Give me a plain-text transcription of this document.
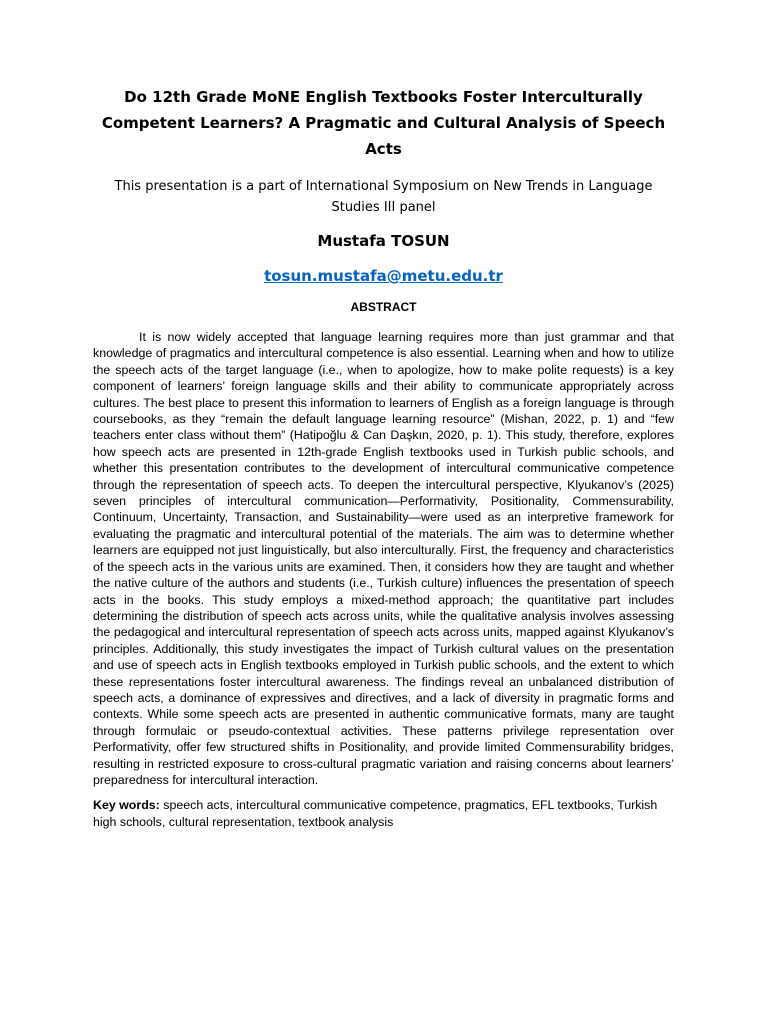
Do 12th Grade MoNE English Textbooks Foster Interculturally Competent Learners? A Pragmatic and Cultural Analysis of Speech Acts

This presentation is a part of International Symposium on New Trends in Language Studies III panel

Mustafa TOSUN

tosun.mustafa@metu.edu.tr

ABSTRACT

It is now widely accepted that language learning requires more than just grammar and that knowledge of pragmatics and intercultural competence is also essential. Learning when and how to utilize the speech acts of the target language (i.e., when to apologize, how to make polite requests) is a key component of learners’ foreign language skills and their ability to communicate appropriately across cultures. The best place to present this information to learners of English as a foreign language is through coursebooks, as they “remain the default language learning resource” (Mishan, 2022, p. 1) and “few teachers enter class without them” (Hatipoğlu & Can Daşkın, 2020, p. 1). This study, therefore, explores how speech acts are presented in 12th-grade English textbooks used in Turkish public schools, and whether this presentation contributes to the development of intercultural communicative competence through the representation of speech acts. To deepen the intercultural perspective, Klyukanov’s (2025) seven principles of intercultural communication—Performativity, Positionality, Commensurability, Continuum, Uncertainty, Transaction, and Sustainability—were used as an interpretive framework for evaluating the pragmatic and intercultural potential of the materials. The aim was to determine whether learners are equipped not just linguistically, but also interculturally. First, the frequency and characteristics of the speech acts in the various units are examined. Then, it considers how they are taught and whether the native culture of the authors and students (i.e., Turkish culture) influences the presentation of speech acts in the books. This study employs a mixed-method approach; the quantitative part includes determining the distribution of speech acts across units, while the qualitative analysis involves assessing the pedagogical and intercultural representation of speech acts across units, mapped against Klyukanov’s principles. Additionally, this study investigates the impact of Turkish cultural values on the presentation and use of speech acts in English textbooks employed in Turkish public schools, and the extent to which these representations foster intercultural awareness. The findings reveal an unbalanced distribution of speech acts, a dominance of expressives and directives, and a lack of diversity in pragmatic forms and contexts. While some speech acts are presented in authentic communicative formats, many are taught through formulaic or pseudo-contextual activities. These patterns privilege representation over Performativity, offer few structured shifts in Positionality, and provide limited Commensurability bridges, resulting in restricted exposure to cross-cultural pragmatic variation and raising concerns about learners’ preparedness for intercultural interaction.

Key words: speech acts, intercultural communicative competence, pragmatics, EFL textbooks, Turkish high schools, cultural representation, textbook analysis
